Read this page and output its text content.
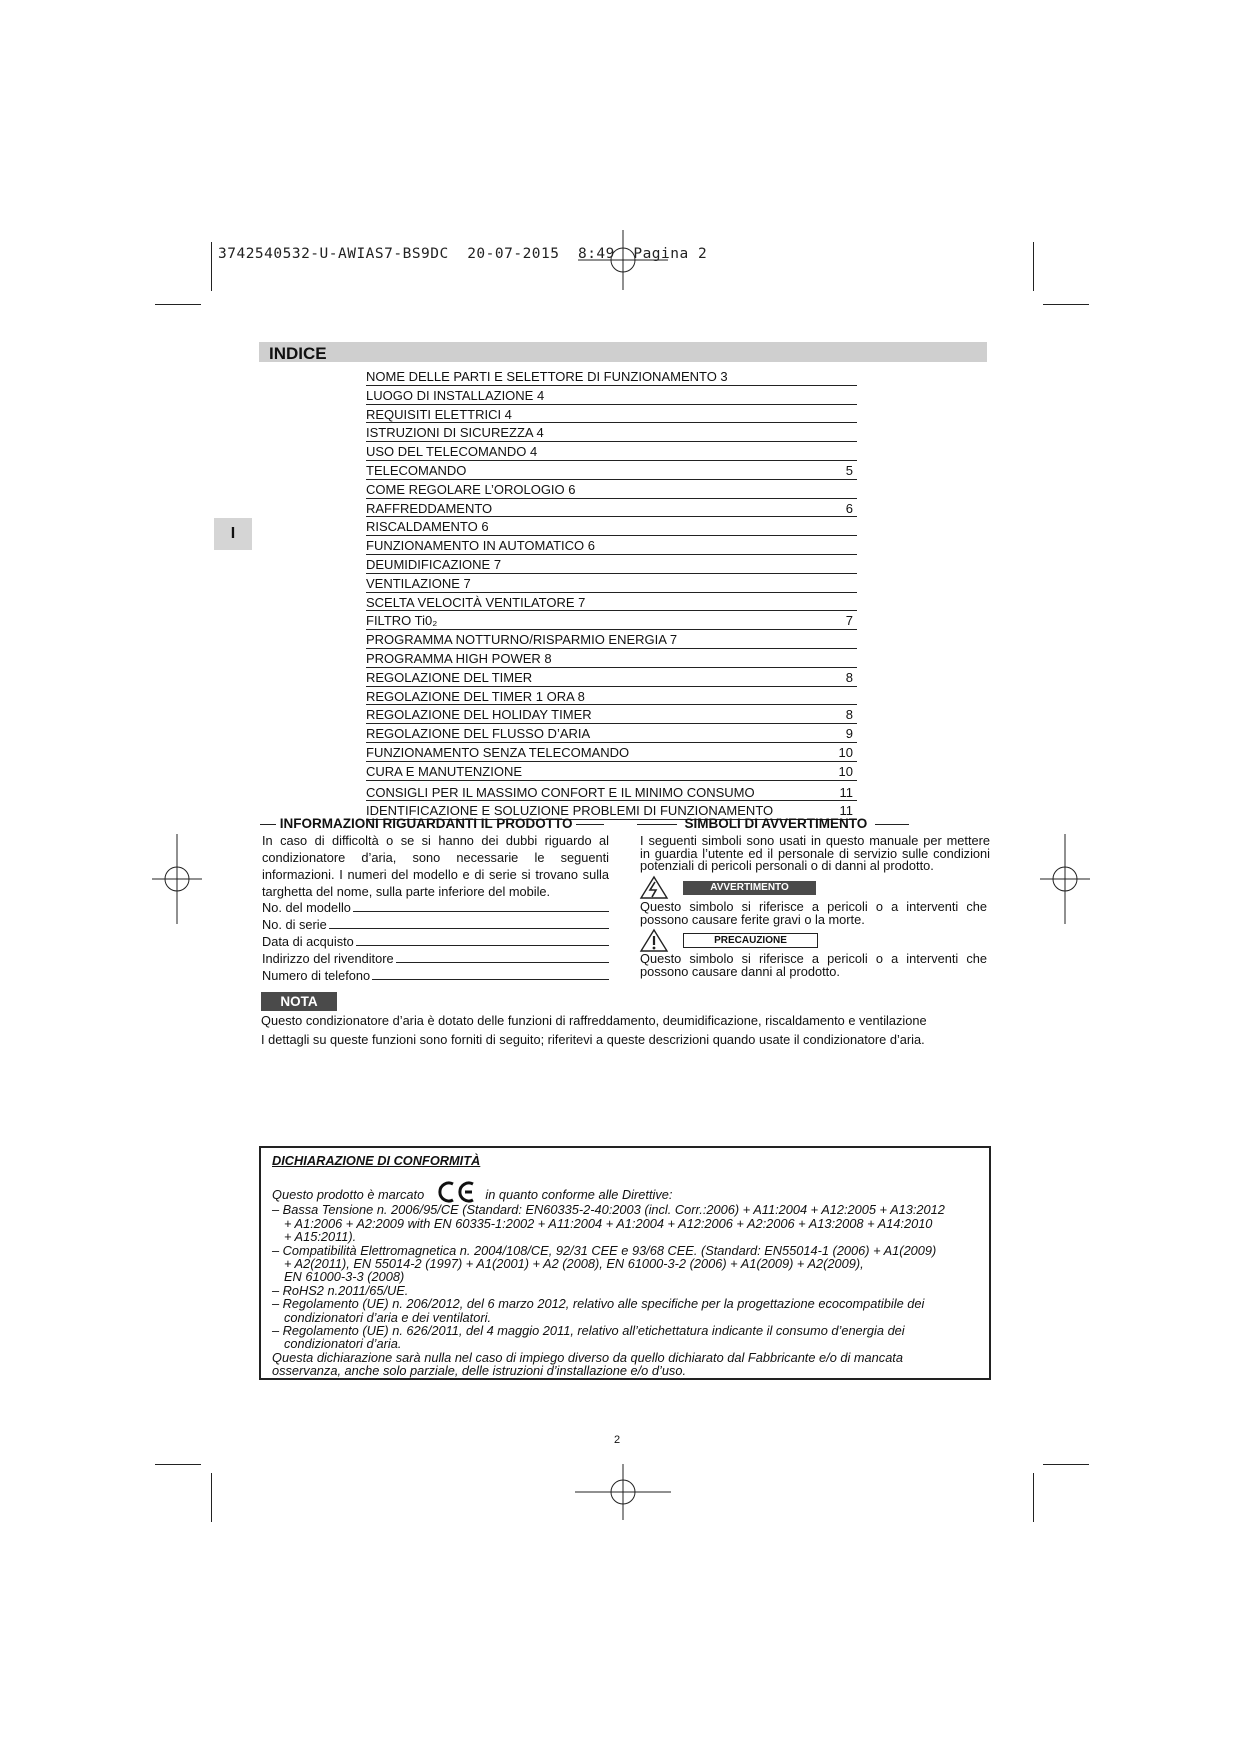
3742540532-U-AWIAS7-BS9DC  20-07-2015  8:49  Pagina 2
INDICE
I
NOME DELLE PARTI E SELETTORE DI FUNZIONAMENTO 3
LUOGO DI INSTALLAZIONE 4
REQUISITI ELETTRICI 4
ISTRUZIONI DI SICUREZZA 4
USO DEL TELECOMANDO 4
TELECOMANDO	5
COME REGOLARE L’OROLOGIO 6
RAFFREDDAMENTO	6
RISCALDAMENTO 6
FUNZIONAMENTO IN AUTOMATICO 6
DEUMIDIFICAZIONE 7
VENTILAZIONE 7
SCELTA VELOCITÀ VENTILATORE 7
FILTRO Ti0₂	7
PROGRAMMA NOTTURNO/RISPARMIO ENERGIA 7
PROGRAMMA HIGH POWER 8
REGOLAZIONE DEL TIMER	8
REGOLAZIONE DEL TIMER 1 ORA 8
REGOLAZIONE DEL HOLIDAY TIMER	8
REGOLAZIONE DEL FLUSSO D’ARIA	9
FUNZIONAMENTO SENZA TELECOMANDO	10
CURA E MANUTENZIONE	10
CONSIGLI PER IL MASSIMO CONFORT E IL MINIMO CONSUMO	11
IDENTIFICAZIONE E SOLUZIONE PROBLEMI DI FUNZIONAMENTO	11
INFORMAZIONI RIGUARDANTI IL PRODOTTO
In caso di difficoltà o se si hanno dei dubbi riguardo al condizionatore d’aria, sono necessarie le seguenti informazioni. I numeri del modello e di serie si trovano sulla targhetta del nome, sulla parte inferiore del mobile.
No. del modello
No. di serie
Data di acquisto
Indirizzo del rivenditore
Numero di telefono
SIMBOLI DI AVVERTIMENTO
I seguenti simboli sono usati in questo manuale per mettere in guardia l’utente ed il personale di servizio sulle condizioni potenziali di pericoli personali o di danni al prodotto.
AVVERTIMENTO
Questo simbolo si riferisce a pericoli o a interventi che possono causare ferite gravi o la morte.
PRECAUZIONE
Questo simbolo si riferisce a pericoli o a interventi che possono causare danni al prodotto.
NOTA
Questo condizionatore d’aria è dotato delle funzioni di raffreddamento, deumidificazione, riscaldamento e ventilazione
I dettagli su queste funzioni sono forniti di seguito; riferitevi a queste descrizioni quando usate il condizionatore d’aria.
DICHIARAZIONE DI CONFORMITÀ
Questo prodotto è marcato	in quanto conforme alle Direttive:
– Bassa Tensione n. 2006/95/CE (Standard: EN60335-2-40:2003 (incl. Corr.:2006) + A11:2004 + A12:2005 + A13:2012
+ A1:2006 + A2:2009 with EN 60335-1:2002 + A11:2004 + A1:2004 + A12:2006 + A2:2006 + A13:2008 + A14:2010
+ A15:2011).
– Compatibilità Elettromagnetica n. 2004/108/CE, 92/31 CEE e 93/68 CEE. (Standard: EN55014-1 (2006) + A1(2009)
+ A2(2011), EN 55014-2 (1997) + A1(2001) + A2 (2008), EN 61000-3-2 (2006) + A1(2009) + A2(2009),
EN 61000-3-3 (2008)
– RoHS2 n.2011/65/UE.
– Regolamento (UE) n. 206/2012, del 6 marzo 2012, relativo alle specifiche per la progettazione ecocompatibile dei
condizionatori d’aria e dei ventilatori.
– Regolamento (UE) n. 626/2011, del 4 maggio 2011, relativo all’etichettatura indicante il consumo d’energia dei
condizionatori d’aria.
Questa dichiarazione sarà nulla nel caso di impiego diverso da quello dichiarato dal Fabbricante e/o di mancata
osservanza, anche solo parziale, delle istruzioni d’installazione e/o d’uso.
2
